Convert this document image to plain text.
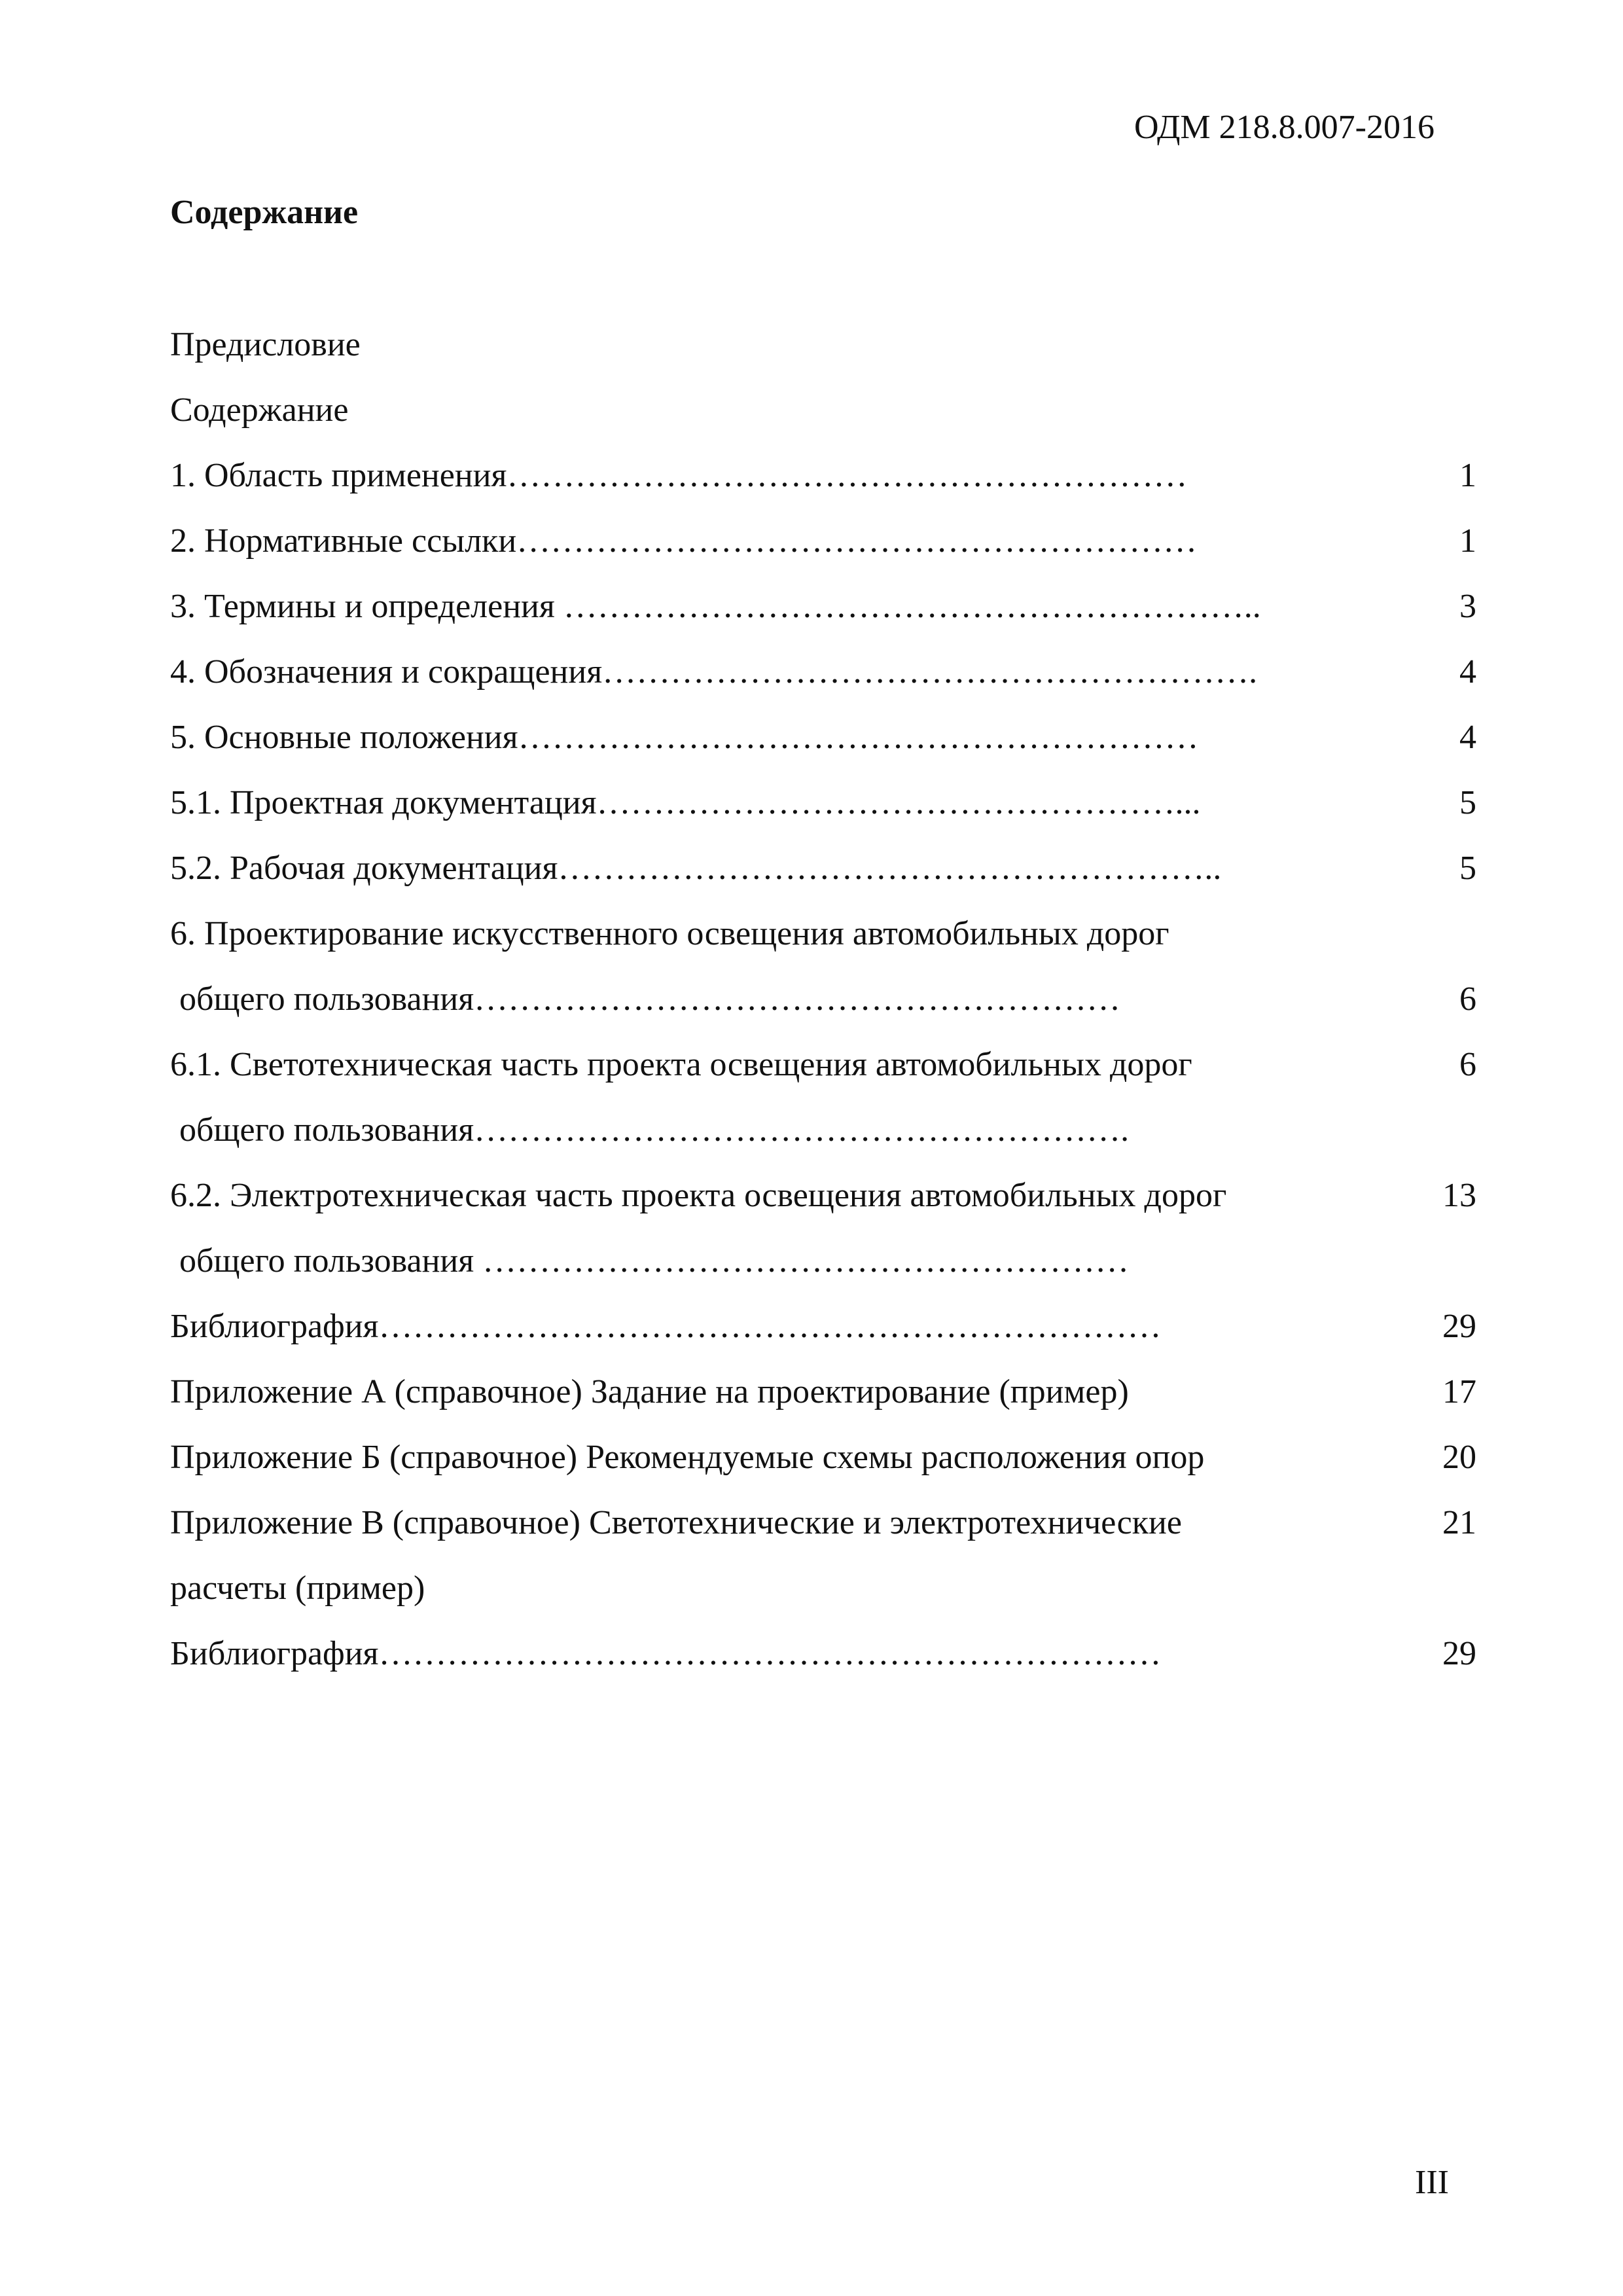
ОДМ 218.8.007-2016
Содержание
Предисловие
Содержание
1. Область применения……………………………………………………	1
2. Нормативные ссылки……………………………………………………	1
3. Термины и определения ……………………………………………………..	3
4. Обозначения и сокращения………………………………………………….	4
5. Основные положения……………………………………………………	4
5.1. Проектная документация……………………………………………...	5
5.2. Рабочая документация…………………………………………………..	5
6. Проектирование искусственного освещения автомобильных дорог
общего пользования…………………………………………………	6
6.1. Светотехническая часть проекта освещения автомобильных дорог	6
общего пользования………………………………………………….
6.2. Электротехническая часть проекта освещения автомобильных дорог	13
общего пользования …………………………………………………
Библиография……………………………………………………………	29
Приложение А (справочное) Задание на проектирование (пример)	17
Приложение Б (справочное) Рекомендуемые схемы расположения опор	20
Приложение В (справочное) Светотехнические и электротехнические	21
расчеты (пример)
Библиография……………………………………………………………	29
III
